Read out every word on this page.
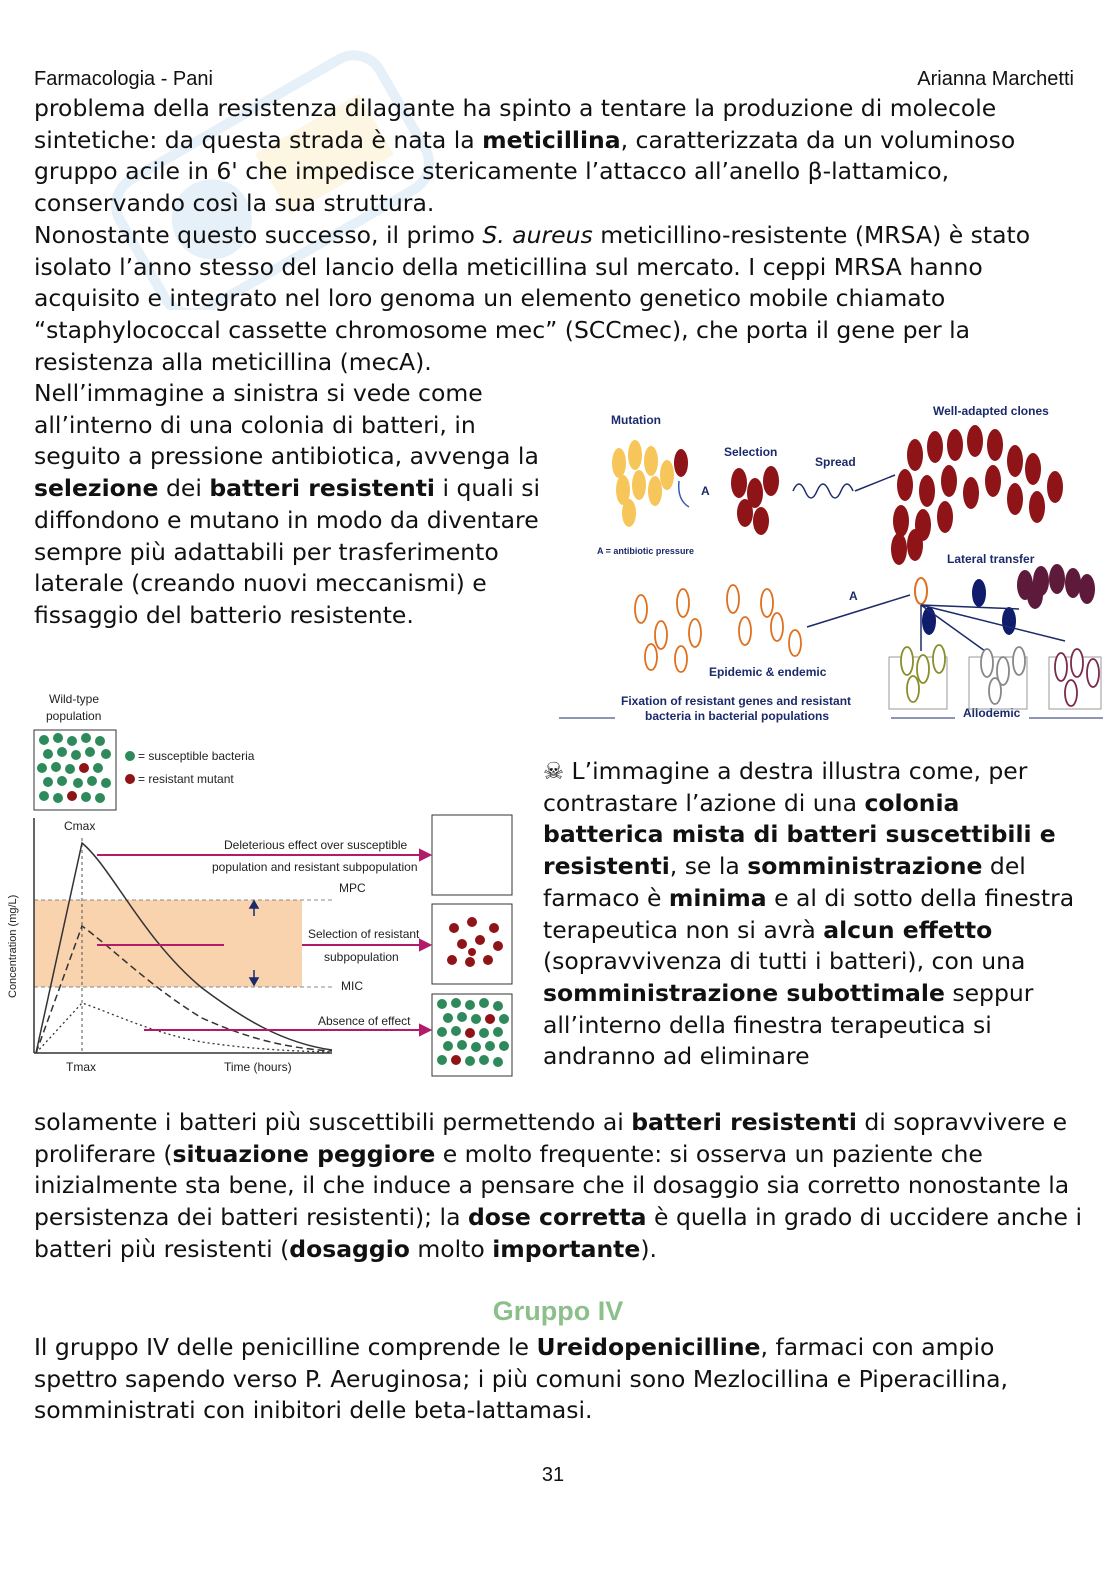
Farmacologia - Pani	Arianna Marchetti

problema della resistenza dilagante ha spinto a tentare la produzione di molecole sintetiche: da questa strada è nata la meticillina, caratterizzata da un voluminoso gruppo acile in 6' che impedisce stericamente l’attacco all’anello β-lattamico, conservando così la sua struttura.

Nonostante questo successo, il primo S. aureus meticillino-resistente (MRSA) è stato isolato l’anno stesso del lancio della meticillina sul mercato. I ceppi MRSA hanno acquisito e integrato nel loro genoma un elemento genetico mobile chiamato “staphylococcal cassette chromosome mec” (SCCmec), che porta il gene per la resistenza alla meticillina (mecA).

Nell’immagine a sinistra si vede come all’interno di una colonia di batteri, in seguito a pressione antibiotica, avvenga la selezione dei batteri resistenti i quali si diffondono e mutano in modo da diventare sempre più adattabili per trasferimento laterale (creando nuovi meccanismi) e fissaggio del batterio resistente.

Mutation
Selection
Spread
Well-adapted clones
A = antibiotic pressure
A
Lateral transfer
A
Epidemic & endemic
Fixation of resistant genes and resistant
bacteria in bacterial populations	Allodemic
Wild-type
population
= susceptible bacteria
= resistant mutant
Cmax
Deleterious effect over susceptible
population and resistant subpopulation
MPC
Selection of resistant
subpopulation
MIC
Absence of effect
Tmax	Time (hours)
Concentration (mg/L)

☠ L’immagine a destra illustra come, per contrastare l’azione di una colonia batterica mista di batteri suscettibili e resistenti, se la somministrazione del farmaco è minima e al di sotto della finestra terapeutica non si avrà alcun effetto (sopravvivenza di tutti i batteri), con una somministrazione subottimale seppur all’interno della finestra terapeutica si andranno ad eliminare

solamente i batteri più suscettibili permettendo ai batteri resistenti di sopravvivere e proliferare (situazione peggiore e molto frequente: si osserva un paziente che inizialmente sta bene, il che induce a pensare che il dosaggio sia corretto nonostante la persistenza dei batteri resistenti); la dose corretta è quella in grado di uccidere anche i batteri più resistenti (dosaggio molto importante).

Gruppo IV

Il gruppo IV delle penicilline comprende le Ureidopenicilline, farmaci con ampio spettro sapendo verso P. Aeruginosa; i più comuni sono Mezlocillina e Piperacillina, somministrati con inibitori delle beta-lattamasi.

31
